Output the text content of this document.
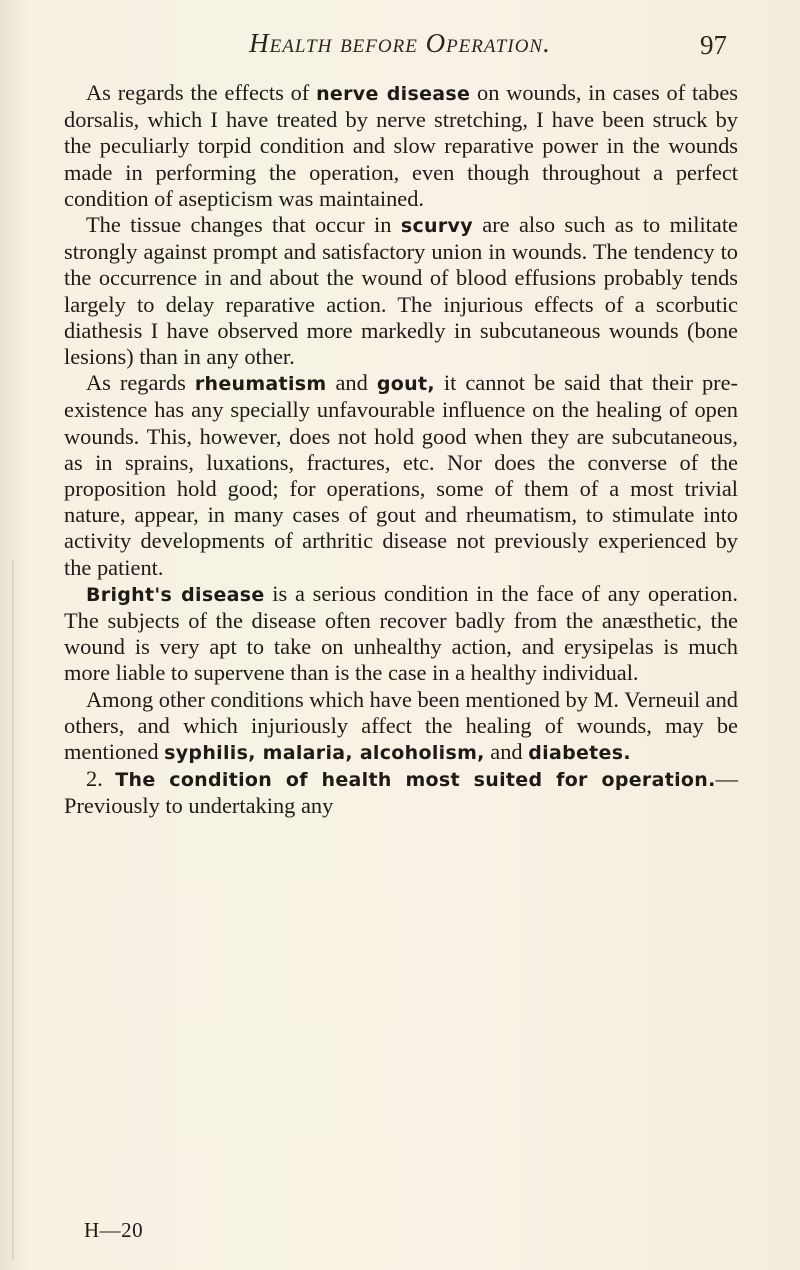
Health before Operation.	97

As regards the effects of nerve disease on wounds, in cases of tabes dorsalis, which I have treated by nerve stretching, I have been struck by the peculiarly torpid condition and slow reparative power in the wounds made in performing the operation, even though throughout a perfect condition of asepticism was maintained.

The tissue changes that occur in scurvy are also such as to militate strongly against prompt and satisfactory union in wounds. The tendency to the occurrence in and about the wound of blood effusions probably tends largely to delay reparative action. The injurious effects of a scorbutic diathesis I have observed more markedly in subcutaneous wounds (bone lesions) than in any other.

As regards rheumatism and gout, it cannot be said that their pre-existence has any specially unfavourable influence on the healing of open wounds. This, however, does not hold good when they are subcutaneous, as in sprains, luxations, fractures, etc. Nor does the converse of the proposition hold good; for operations, some of them of a most trivial nature, appear, in many cases of gout and rheumatism, to stimulate into activity developments of arthritic disease not previously experienced by the patient.

Bright's disease is a serious condition in the face of any operation. The subjects of the disease often recover badly from the anæsthetic, the wound is very apt to take on unhealthy action, and erysipelas is much more liable to supervene than is the case in a healthy individual.

Among other conditions which have been mentioned by M. Verneuil and others, and which injuriously affect the healing of wounds, may be mentioned syphilis, malaria, alcoholism, and diabetes.

2. The condition of health most suited for operation.—Previously to undertaking any

H—20
